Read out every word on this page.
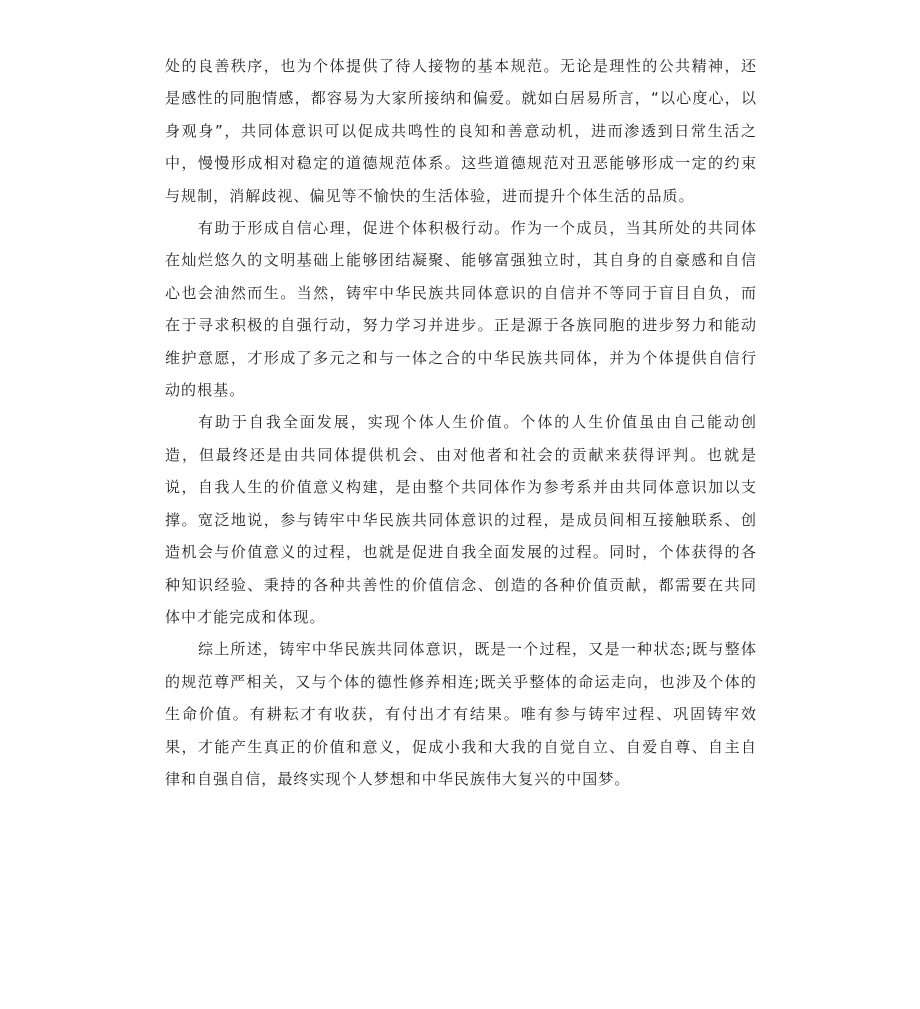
处的良善秩序，也为个体提供了待人接物的基本规范。无论是理性的公共精神，还是感性的同胞情感，都容易为大家所接纳和偏爱。就如白居易所言，“以心度心，以身观身”，共同体意识可以促成共鸣性的良知和善意动机，进而渗透到日常生活之中，慢慢形成相对稳定的道德规范体系。这些道德规范对丑恶能够形成一定的约束与规制，消解歧视、偏见等不愉快的生活体验，进而提升个体生活的品质。

有助于形成自信心理，促进个体积极行动。作为一个成员，当其所处的共同体在灿烂悠久的文明基础上能够团结凝聚、能够富强独立时，其自身的自豪感和自信心也会油然而生。当然，铸牢中华民族共同体意识的自信并不等同于盲目自负，而在于寻求积极的自强行动，努力学习并进步。正是源于各族同胞的进步努力和能动维护意愿，才形成了多元之和与一体之合的中华民族共同体，并为个体提供自信行动的根基。

有助于自我全面发展，实现个体人生价值。个体的人生价值虽由自己能动创造，但最终还是由共同体提供机会、由对他者和社会的贡献来获得评判。也就是说，自我人生的价值意义构建，是由整个共同体作为参考系并由共同体意识加以支撑。宽泛地说，参与铸牢中华民族共同体意识的过程，是成员间相互接触联系、创造机会与价值意义的过程，也就是促进自我全面发展的过程。同时，个体获得的各种知识经验、秉持的各种共善性的价值信念、创造的各种价值贡献，都需要在共同体中才能完成和体现。

综上所述，铸牢中华民族共同体意识，既是一个过程，又是一种状态;既与整体的规范尊严相关，又与个体的德性修养相连;既关乎整体的命运走向，也涉及个体的生命价值。有耕耘才有收获，有付出才有结果。唯有参与铸牢过程、巩固铸牢效果，才能产生真正的价值和意义，促成小我和大我的自觉自立、自爱自尊、自主自律和自强自信，最终实现个人梦想和中华民族伟大复兴的中国梦。
